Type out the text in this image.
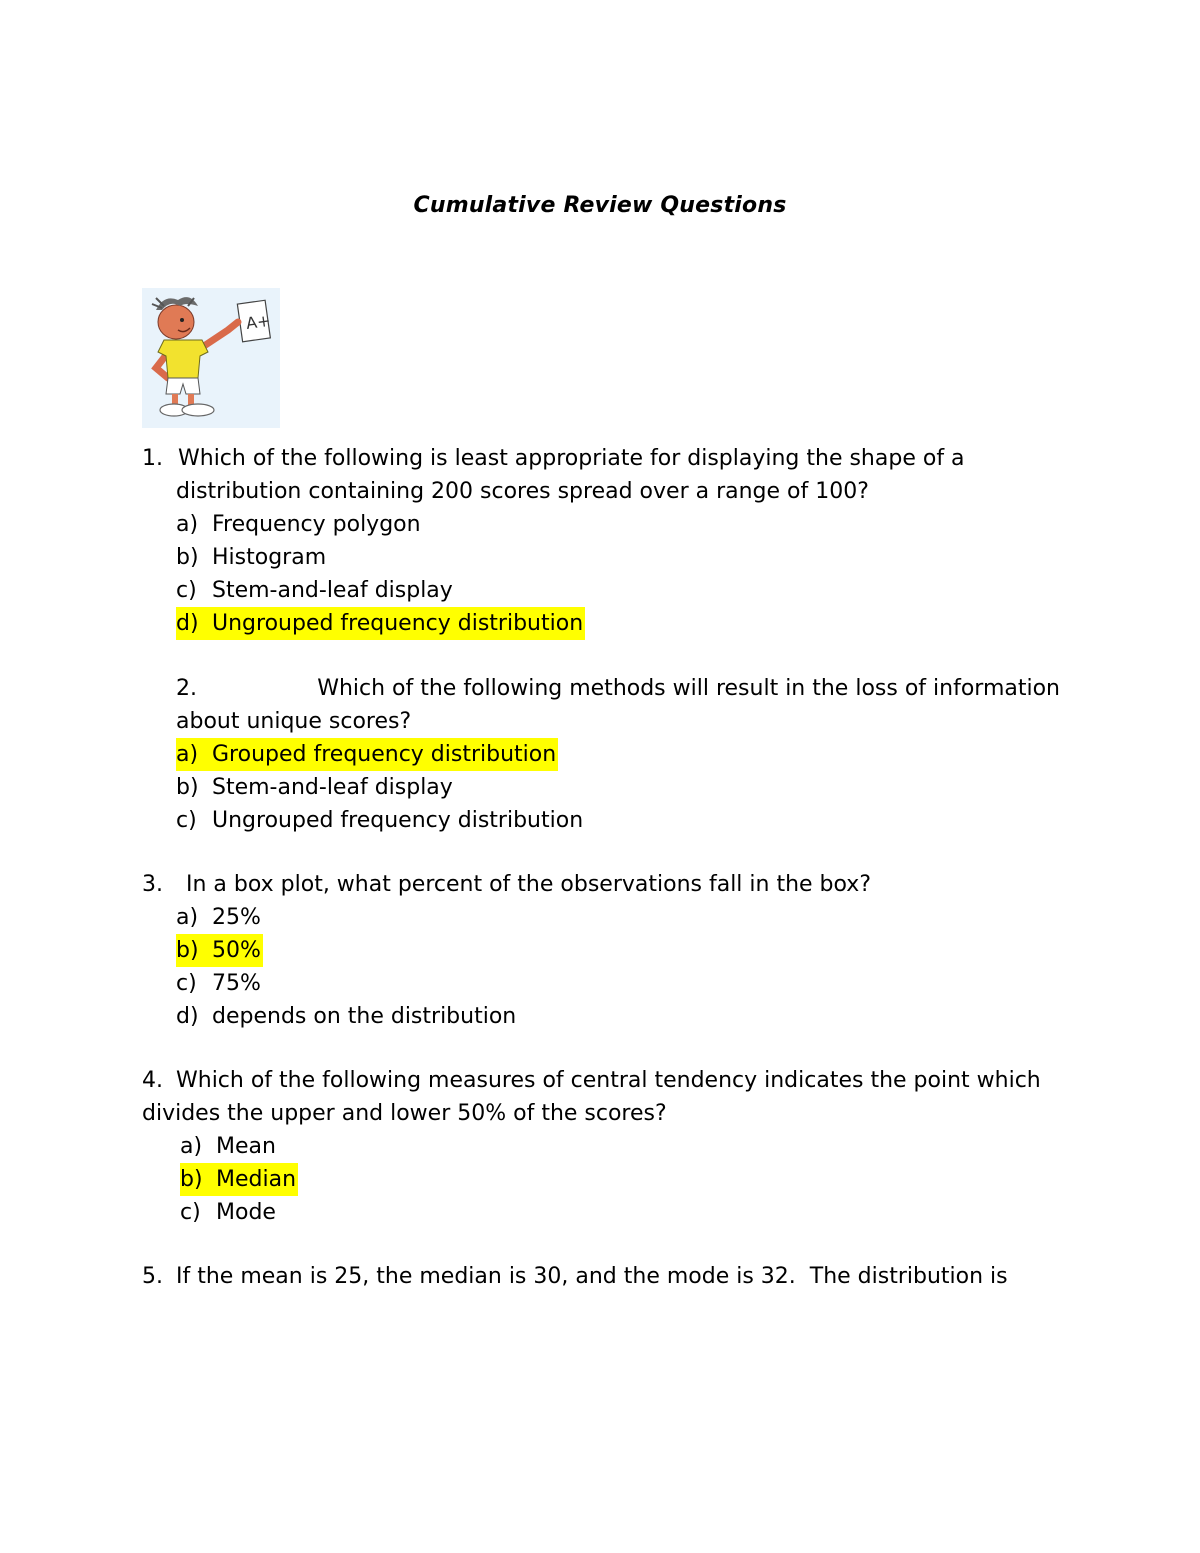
Cumulative Review Questions
A+
1. Which of the following is least appropriate for displaying the shape of a
distribution containing 200 scores spread over a range of 100?
a) Frequency polygon
b) Histogram
c) Stem-and-leaf display
d) Ungrouped frequency distribution
2.	Which of the following methods will result in the loss of information
about unique scores?
a) Grouped frequency distribution
b) Stem-and-leaf display
c) Ungrouped frequency distribution
3. In a box plot, what percent of the observations fall in the box?
a) 25%
b) 50%
c) 75%
d) depends on the distribution
4. Which of the following measures of central tendency indicates the point which
divides the upper and lower 50% of the scores?
a) Mean
b) Median
c) Mode
5. If the mean is 25, the median is 30, and the mode is 32.  The distribution is
